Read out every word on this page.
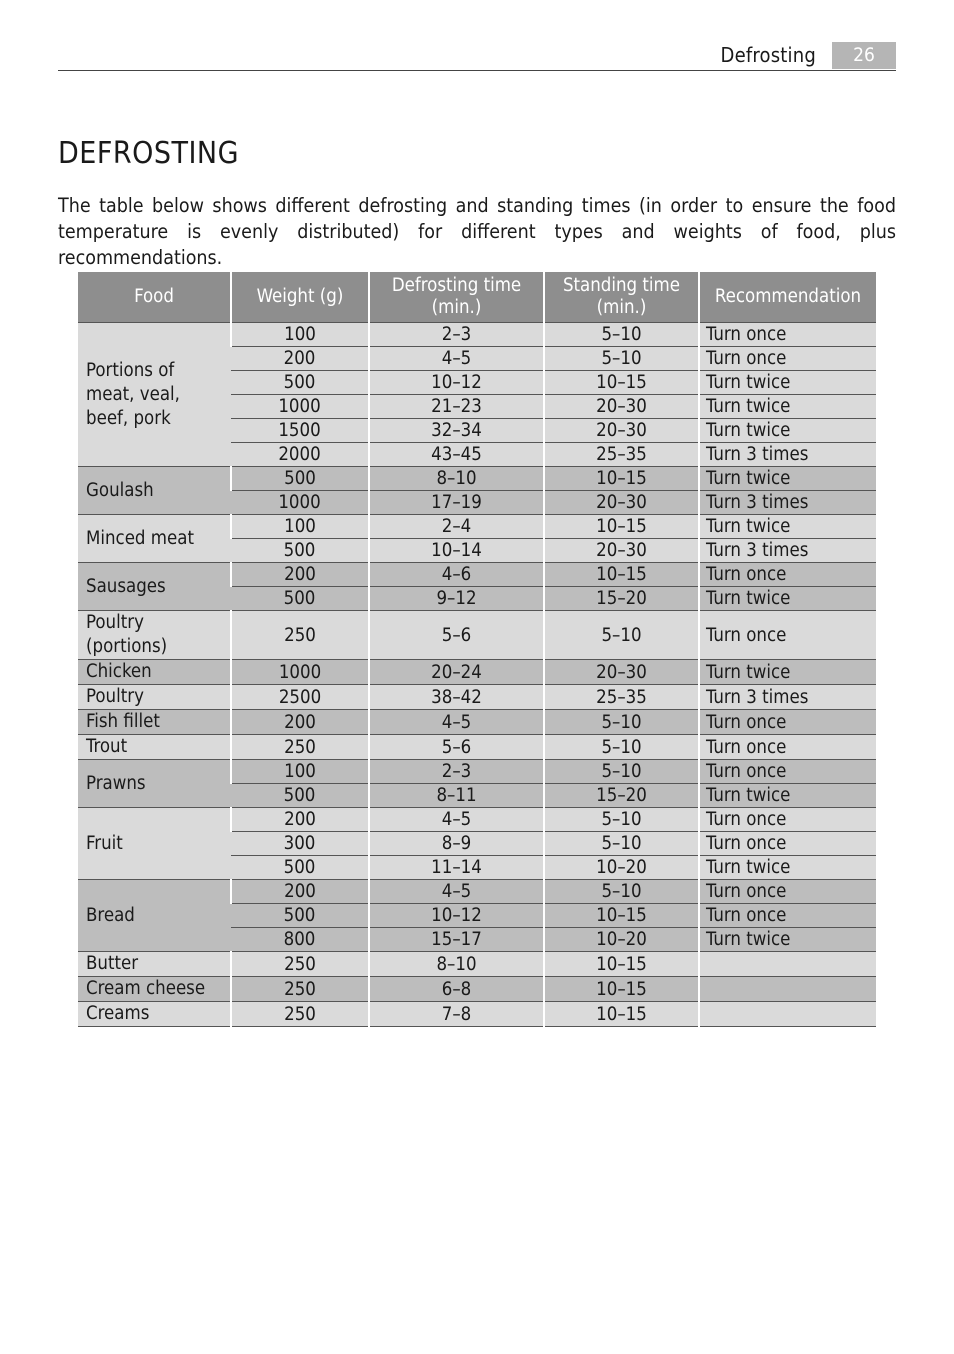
Defrosting	26
DEFROSTING

The table below shows different defrosting and standing times (in order to ensure the food temperature is evenly distributed) for different types and weights of food, plus recommendations.

Food	Weight (g)	Defrosting time (min.)	Standing time (min.)	Recommendation
Portions of meat, veal, beef, pork	100	2–3	5–10	Turn once
	200	4–5	5–10	Turn once
	500	10–12	10–15	Turn twice
	1000	21–23	20–30	Turn twice
	1500	32–34	20–30	Turn twice
	2000	43–45	25–35	Turn 3 times
Goulash	500	8–10	10–15	Turn twice
	1000	17–19	20–30	Turn 3 times
Minced meat	100	2–4	10–15	Turn twice
	500	10–14	20–30	Turn 3 times
Sausages	200	4–6	10–15	Turn once
	500	9–12	15–20	Turn twice
Poultry (portions)	250	5–6	5–10	Turn once
Chicken	1000	20–24	20–30	Turn twice
Poultry	2500	38–42	25–35	Turn 3 times
Fish fillet	200	4–5	5–10	Turn once
Trout	250	5–6	5–10	Turn once
Prawns	100	2–3	5–10	Turn once
	500	8–11	15–20	Turn twice
Fruit	200	4–5	5–10	Turn once
	300	8–9	5–10	Turn once
	500	11–14	10–20	Turn twice
Bread	200	4–5	5–10	Turn once
	500	10–12	10–15	Turn once
	800	15–17	10–20	Turn twice
Butter	250	8–10	10–15	
Cream cheese	250	6–8	10–15	
Creams	250	7–8	10–15	
